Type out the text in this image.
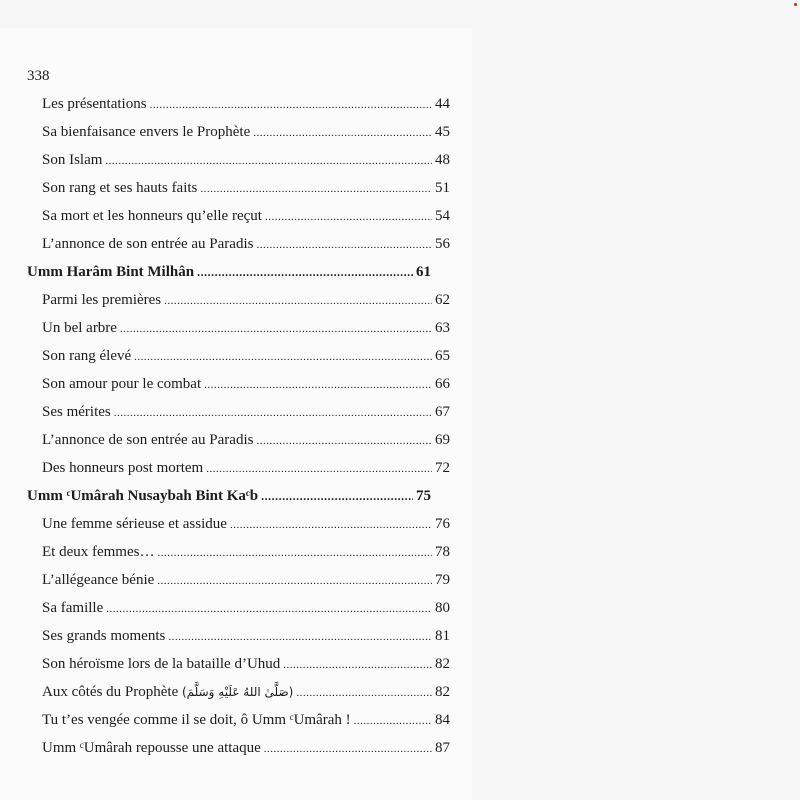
338
Les présentations .....	44
Sa bienfaisance envers le Prophète .....	45
Son Islam .....	48
Son rang et ses hauts faits .....	51
Sa mort et les honneurs qu’elle reçut .....	54
L’annonce de son entrée au Paradis .....	56
Umm Harâm Bint Milhân .....	61
Parmi les premières .....	62
Un bel arbre .....	63
Son rang élevé .....	65
Son amour pour le combat .....	66
Ses mérites .....	67
L’annonce de son entrée au Paradis .....	69
Des honneurs post mortem .....	72
Umm ᶜUmârah Nusaybah Bint Kaᶜb .....	75
Une femme sérieuse et assidue .....	76
Et deux femmes… .....	78
L’allégeance bénie .....	79
Sa famille .....	80
Ses grands moments .....	81
Son héroïsme lors de la bataille d’Uhud .....	82
Aux côtés du Prophète (صَلَّىٰ اللهُ عَلَيْهِ وَسَلَّمَ) .....	82
Tu t’es vengée comme il se doit, ô Umm ᶜUmârah ! .....	84
Umm ᶜUmârah repousse une attaque .....	87
